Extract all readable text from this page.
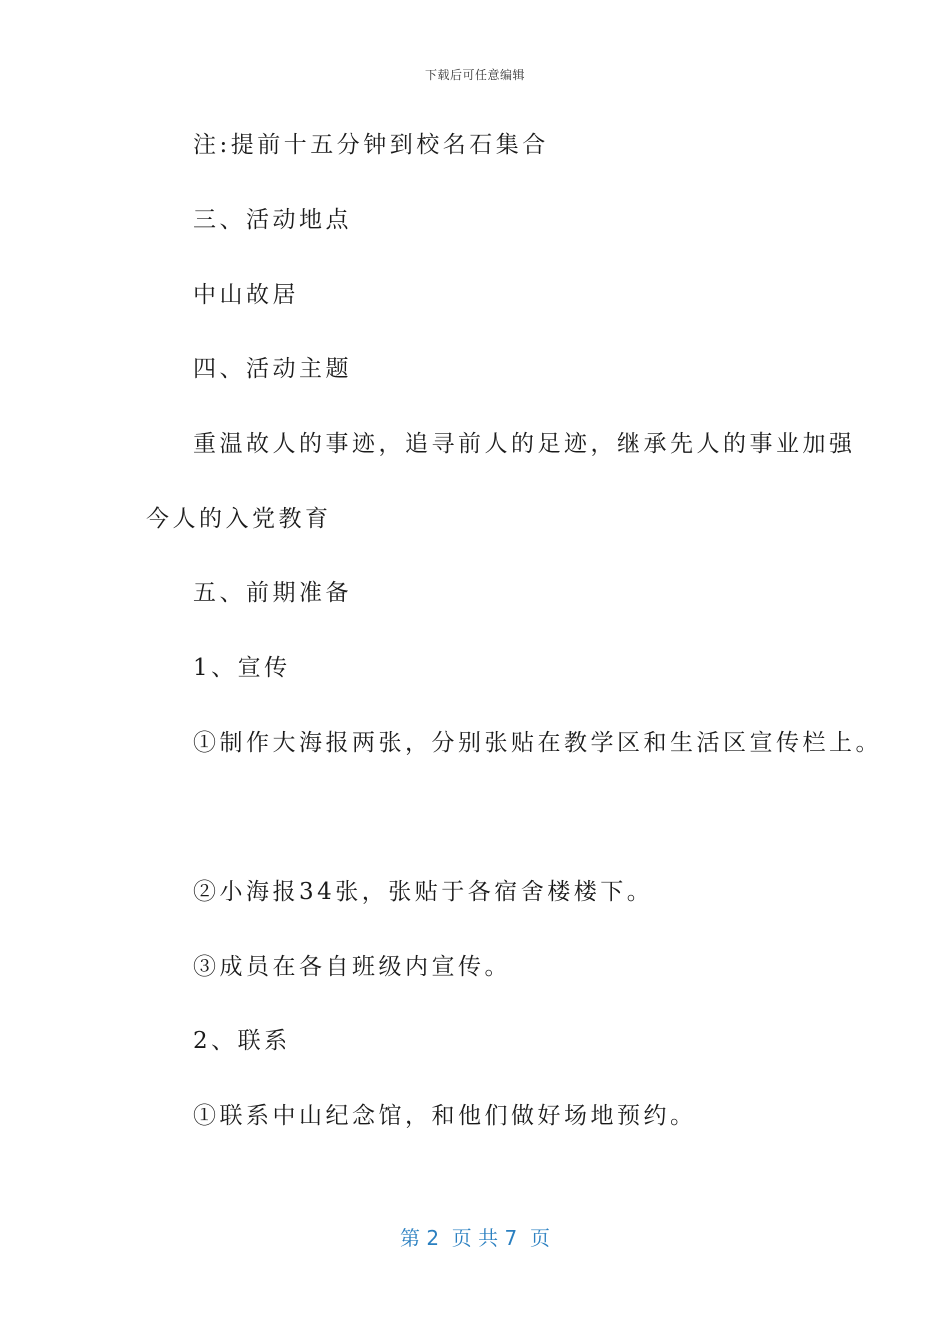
下载后可任意编辑
注:提前十五分钟到校名石集合
三、活动地点
中山故居
四、活动主题
重温故人的事迹，追寻前人的足迹，继承先人的事业加强
今人的入党教育
五、前期准备
1、宣传
①制作大海报两张，分别张贴在教学区和生活区宣传栏上。
②小海报34张，张贴于各宿舍楼楼下。
③成员在各自班级内宣传。
2、联系
①联系中山纪念馆，和他们做好场地预约。
第 2  页 共 7  页
